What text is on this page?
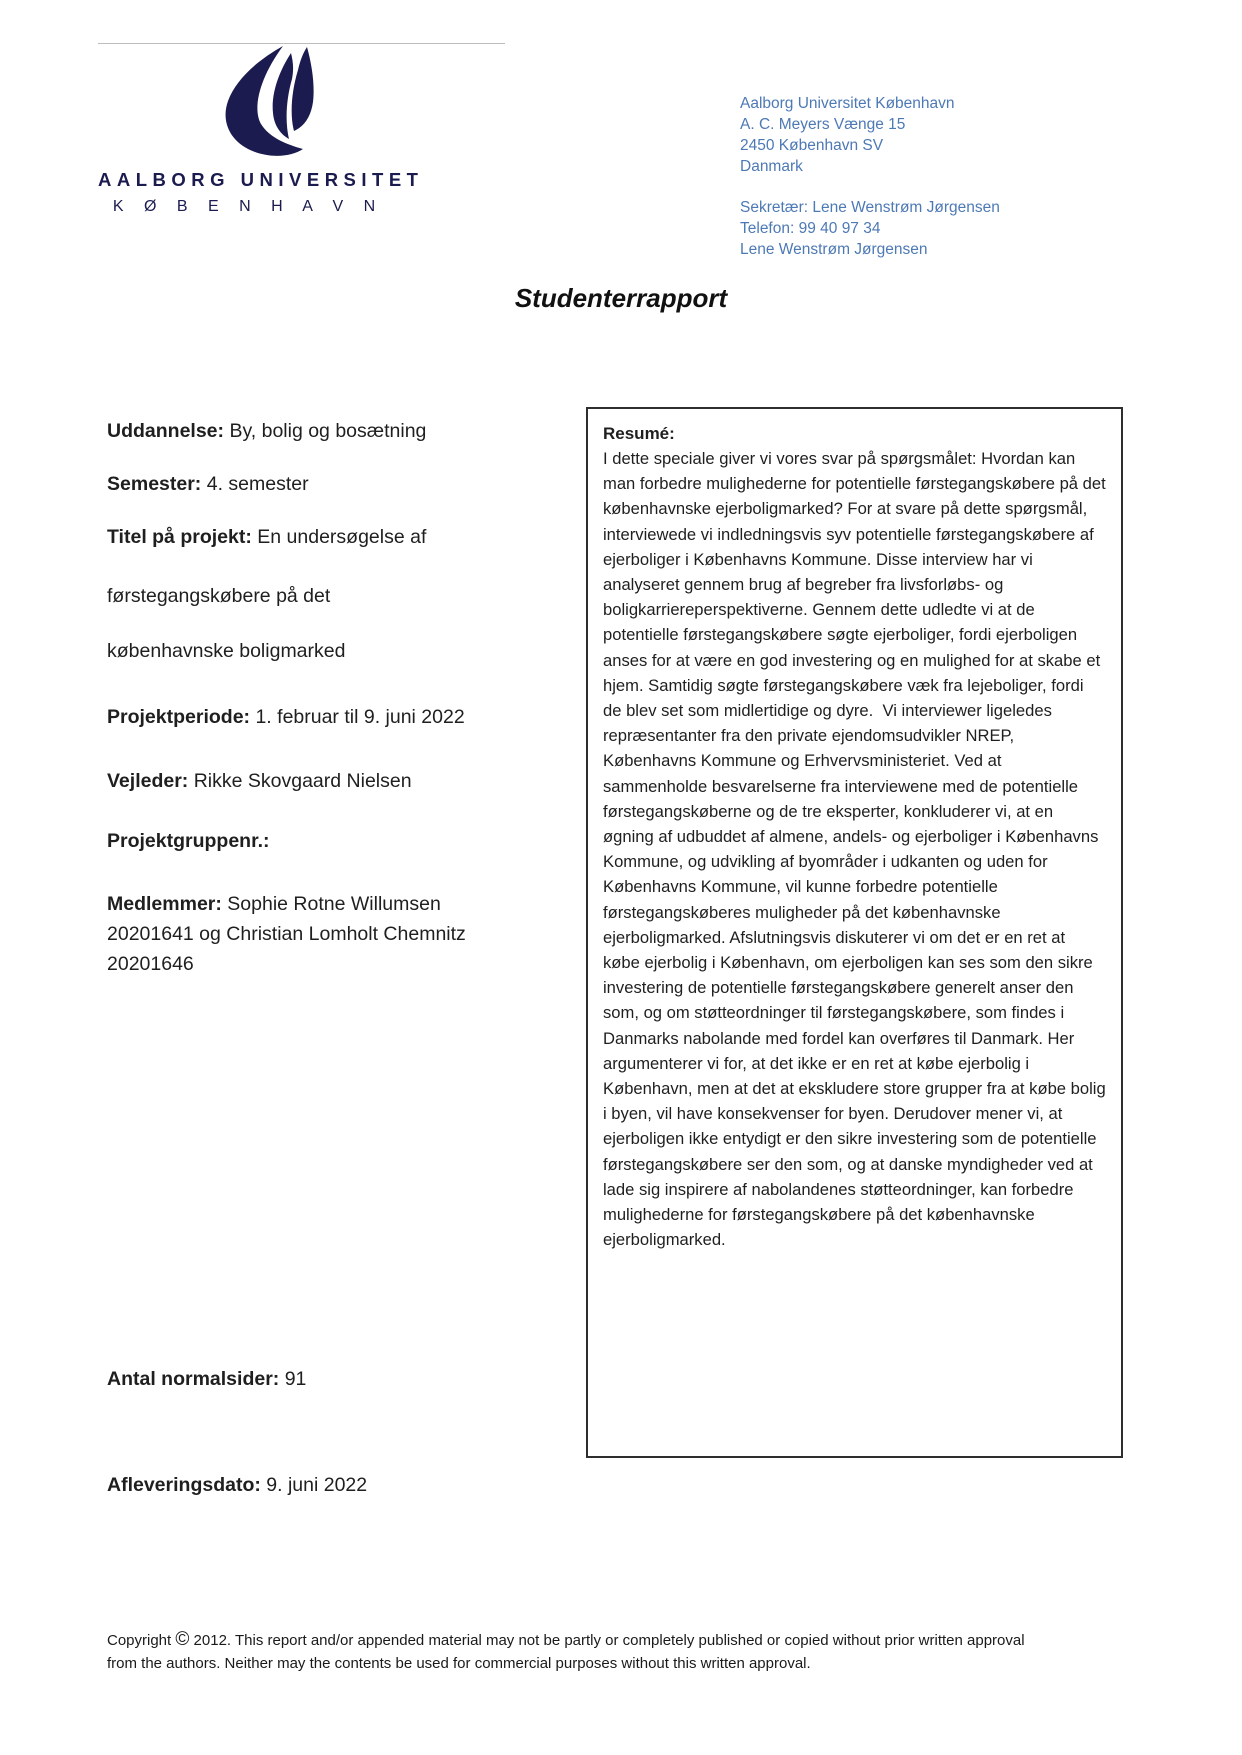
AALBORG UNIVERSITET
K Ø B E N H A V N
Aalborg Universitet København
A. C. Meyers Vænge 15
2450 København SV
Danmark
Sekretær: Lene Wenstrøm Jørgensen
Telefon: 99 40 97 34
Lene Wenstrøm Jørgensen
Studenterrapport
Uddannelse: By, bolig og bosætning
Semester: 4. semester
Titel på projekt: En undersøgelse af
førstegangskøbere på det
københavnske boligmarked
Projektperiode: 1. februar til 9. juni 2022
Vejleder: Rikke Skovgaard Nielsen
Projektgruppenr.:
Medlemmer: Sophie Rotne Willumsen 20201641 og Christian Lomholt Chemnitz 20201646
Resumé:
I dette speciale giver vi vores svar på spørgsmålet: Hvordan kan man forbedre mulighederne for potentielle førstegangskøbere på det københavnske ejerboligmarked? For at svare på dette spørgsmål, interviewede vi indledningsvis syv potentielle førstegangskøbere af ejerboliger i Københavns Kommune. Disse interview har vi analyseret gennem brug af begreber fra livsforløbs- og boligkarriereperspektiverne. Gennem dette udledte vi at de potentielle førstegangskøbere søgte ejerboliger, fordi ejerboligen anses for at være en god investering og en mulighed for at skabe et hjem. Samtidig søgte førstegangskøbere væk fra lejeboliger, fordi de blev set som midlertidige og dyre.  Vi interviewer ligeledes repræsentanter fra den private ejendomsudvikler NREP, Københavns Kommune og Erhvervsministeriet. Ved at sammenholde besvarelserne fra interviewene med de potentielle førstegangskøberne og de tre eksperter, konkluderer vi, at en øgning af udbuddet af almene, andels- og ejerboliger i Københavns Kommune, og udvikling af byområder i udkanten og uden for Københavns Kommune, vil kunne forbedre potentielle førstegangskøberes muligheder på det københavnske ejerboligmarked. Afslutningsvis diskuterer vi om det er en ret at købe ejerbolig i København, om ejerboligen kan ses som den sikre investering de potentielle førstegangskøbere generelt anser den som, og om støtteordninger til førstegangskøbere, som findes i Danmarks nabolande med fordel kan overføres til Danmark. Her argumenterer vi for, at det ikke er en ret at købe ejerbolig i København, men at det at ekskludere store grupper fra at købe bolig i byen, vil have konsekvenser for byen. Derudover mener vi, at ejerboligen ikke entydigt er den sikre investering som de potentielle førstegangskøbere ser den som, og at danske myndigheder ved at lade sig inspirere af nabolandenes støtteordninger, kan forbedre mulighederne for førstegangskøbere på det københavnske ejerboligmarked.
Antal normalsider: 91
Afleveringsdato: 9. juni 2022
Copyright © 2012. This report and/or appended material may not be partly or completely published or copied without prior written approval from the authors. Neither may the contents be used for commercial purposes without this written approval.
